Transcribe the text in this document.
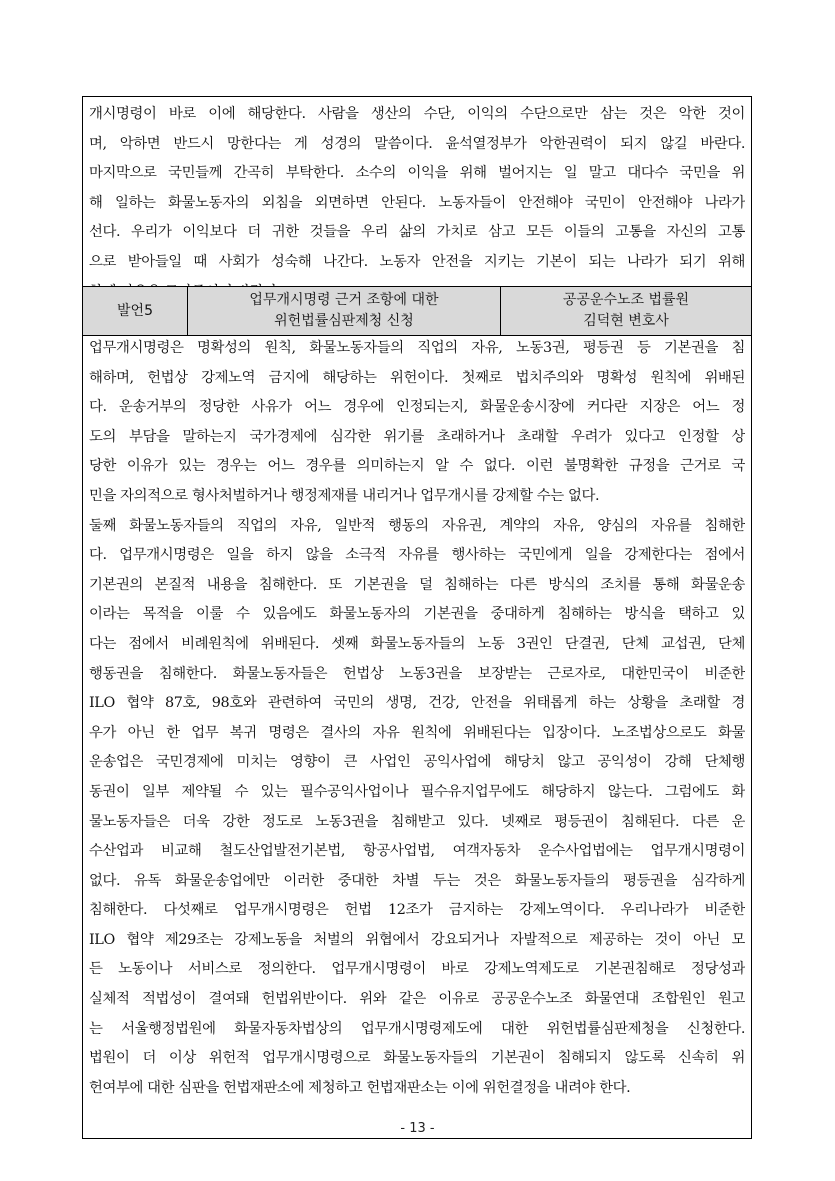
개시명령이 바로 이에 해당한다. 사람을 생산의 수단, 이익의 수단으로만 삼는 것은 악한 것이
며, 악하면 반드시 망한다는 게 성경의 말씀이다. 윤석열정부가 악한권력이 되지 않길 바란다.
마지막으로 국민들께 간곡히 부탁한다. 소수의 이익을 위해 벌어지는 일 말고 대다수 국민을 위
해 일하는 화물노동자의 외침을 외면하면 안된다. 노동자들이 안전해야 국민이 안전해야 나라가
선다. 우리가 이익보다 더 귀한 것들을 우리 삶의 가치로 삼고 모든 이들의 고통을 자신의 고통
으로 받아들일 때 사회가 성숙해 나간다. 노동자 안전을 지키는 기본이 되는 나라가 되기 위해
발언5
업무개시명령 근거 조항에 대한
위헌법률심판제청 신청
공공운수노조 법률원
김덕현 변호사
업무개시명령은 명확성의 원칙, 화물노동자들의 직업의 자유, 노동3권, 평등권 등 기본권을 침
해하며, 헌법상 강제노역 금지에 해당하는 위헌이다. 첫째로 법치주의와 명확성 원칙에 위배된
다. 운송거부의 정당한 사유가 어느 경우에 인정되는지, 화물운송시장에 커다란 지장은 어느 정
도의 부담을 말하는지 국가경제에 심각한 위기를 초래하거나 초래할 우려가 있다고 인정할 상
당한 이유가 있는 경우는 어느 경우를 의미하는지 알 수 없다. 이런 불명확한 규정을 근거로 국
민을 자의적으로 형사처벌하거나 행정제재를 내리거나 업무개시를 강제할 수는 없다.
둘째 화물노동자들의 직업의 자유, 일반적 행동의 자유권, 계약의 자유, 양심의 자유를 침해한
다. 업무개시명령은 일을 하지 않을 소극적 자유를 행사하는 국민에게 일을 강제한다는 점에서
기본권의 본질적 내용을 침해한다. 또 기본권을 덜 침해하는 다른 방식의 조치를 통해 화물운송
이라는 목적을 이룰 수 있음에도 화물노동자의 기본권을 중대하게 침해하는 방식을 택하고 있
다는 점에서 비례원칙에 위배된다. 셋째 화물노동자들의 노동 3권인 단결권, 단체 교섭권, 단체
행동권을 침해한다. 화물노동자들은 헌법상 노동3권을 보장받는 근로자로, 대한민국이 비준한
ILO 협약 87호, 98호와 관련하여 국민의 생명, 건강, 안전을 위태롭게 하는 상황을 초래할 경
우가 아닌 한 업무 복귀 명령은 결사의 자유 원칙에 위배된다는 입장이다. 노조법상으로도 화물
운송업은 국민경제에 미치는 영향이 큰 사업인 공익사업에 해당치 않고 공익성이 강해 단체행
동권이 일부 제약될 수 있는 필수공익사업이나 필수유지업무에도 해당하지 않는다. 그럼에도 화
물노동자들은 더욱 강한 정도로 노동3권을 침해받고 있다. 넷째로 평등권이 침해된다. 다른 운
수산업과 비교해 철도산업발전기본법, 항공사업법, 여객자동차 운수사업법에는 업무개시명령이
없다. 유독 화물운송업에만 이러한 중대한 차별 두는 것은 화물노동자들의 평등권을 심각하게
침해한다. 다섯째로 업무개시명령은 헌법 12조가 금지하는 강제노역이다. 우리나라가 비준한
ILO 협약 제29조는 강제노동을 처벌의 위협에서 강요되거나 자발적으로 제공하는 것이 아닌 모
든 노동이나 서비스로 정의한다. 업무개시명령이 바로 강제노역제도로 기본권침해로 정당성과
실체적 적법성이 결여돼 헌법위반이다. 위와 같은 이유로 공공운수노조 화물연대 조합원인 원고
는 서울행정법원에 화물자동차법상의 업무개시명령제도에 대한 위헌법률심판제청을 신청한다.
법원이 더 이상 위헌적 업무개시명령으로 화물노동자들의 기본권이 침해되지 않도록 신속히 위
헌여부에 대한 심판을 헌법재판소에 제청하고 헌법재판소는 이에 위헌결정을 내려야 한다.
- 13 -
